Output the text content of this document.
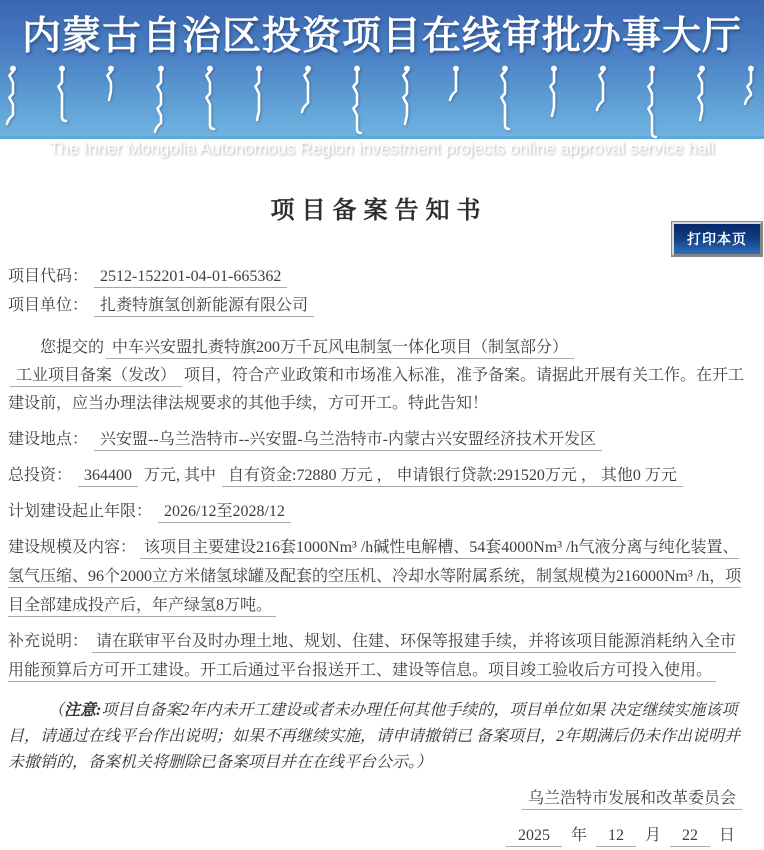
内蒙古自治区投资项目在线审批办事大厅
The Inner Mongolia Autonomous Region investment projects online approval service hall
打印本页
项目备案告知书
项目代码： 2512-152201-04-01-665362
项目单位： 扎赉特旗氢创新能源有限公司

您提交的 中车兴安盟扎赉特旗200万千瓦风电制氢一体化项目（制氢部分）工业项目备案（发改） 项目，符合产业政策和市场准入标准，准予备案。请据此开展有关工作。在开工建设前，应当办理法律法规要求的其他手续，方可开工。特此告知！

建设地点： 兴安盟--乌兰浩特市--兴安盟-乌兰浩特市-内蒙古兴安盟经济技术开发区
总投资： 364400 万元, 其中 自有资金:72880 万元 ， 申请银行贷款:291520万元 ， 其他0 万元
计划建设起止年限： 2026/12至2028/12
建设规模及内容： 该项目主要建设216套1000Nm³ /h碱性电解槽、54套4000Nm³ /h气液分离与纯化装置、氢气压缩、96个2000立方米储氢球罐及配套的空压机、冷却水等附属系统，制氢规模为216000Nm³ /h，项目全部建成投产后，年产绿氢8万吨。
补充说明： 请在联审平台及时办理土地、规划、住建、环保等报建手续，并将该项目能源消耗纳入全市用能预算后方可开工建设。开工后通过平台报送开工、建设等信息。项目竣工验收后方可投入使用。

（注意:项目自备案2年内未开工建设或者未办理任何其他手续的，项目单位如果 决定继续实施该项目，请通过在线平台作出说明；如果不再继续实施，请申请撤销已 备案项目，2年期满后仍未作出说明并未撤销的，备案机关将删除已备案项目并在在线平台公示。）

乌兰浩特市发展和改革委员会
2025 年 12 月 22 日
